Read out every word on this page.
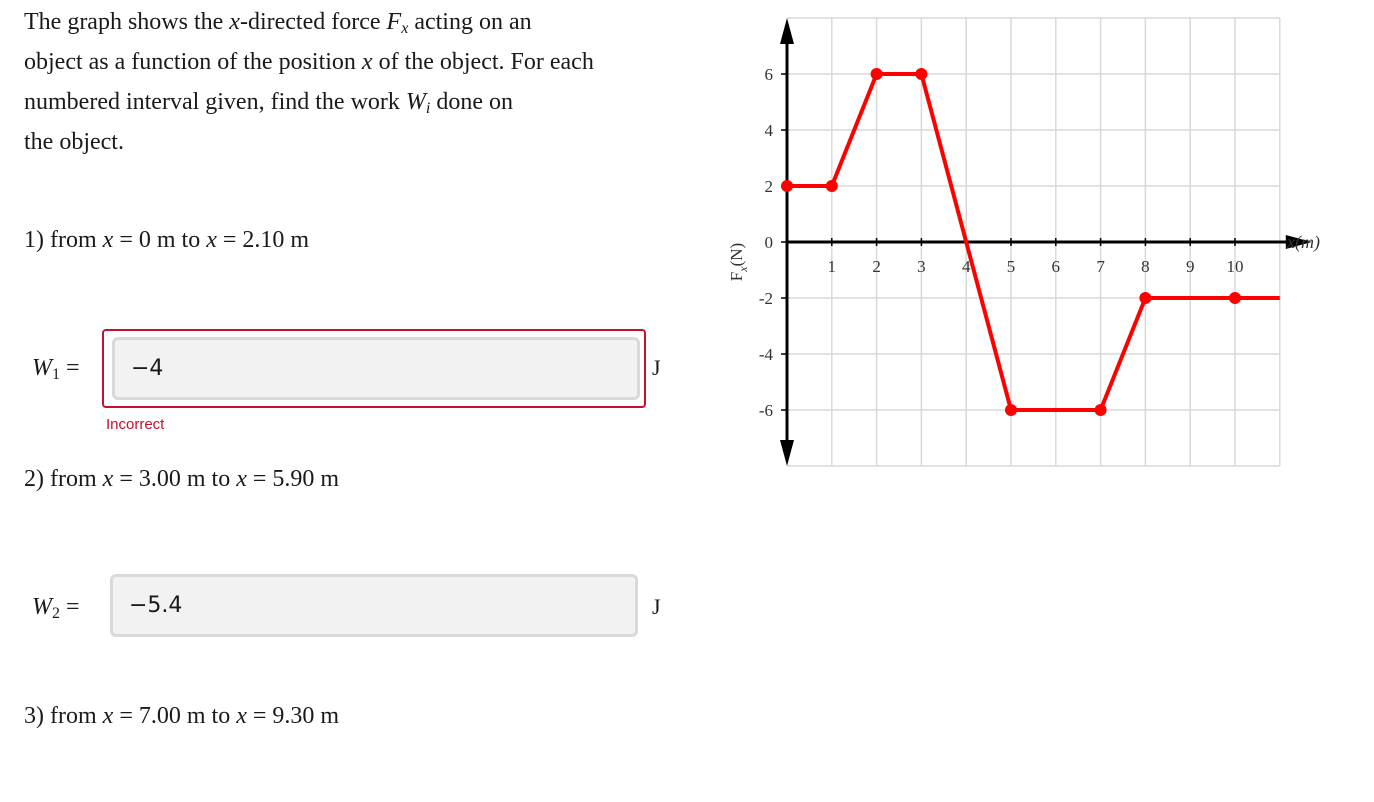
The graph shows the x-directed force $F_x$ acting on an
object as a function of the position x of the object. For each
numbered interval given, find the work $W_i$ done on
the object.
1) from x = 0 m to x = 2.10 m
$W_1$ =	−4	J
Incorrect
2) from x = 3.00 m to x = 5.90 m
$W_2$ =	−5.4	J
3) from x = 7.00 m to x = 9.30 m
1 2 3 4 5 6 7 8 9 10
6
4
2
0
-2
-4
-6
x(m)
$F_x(N)$
